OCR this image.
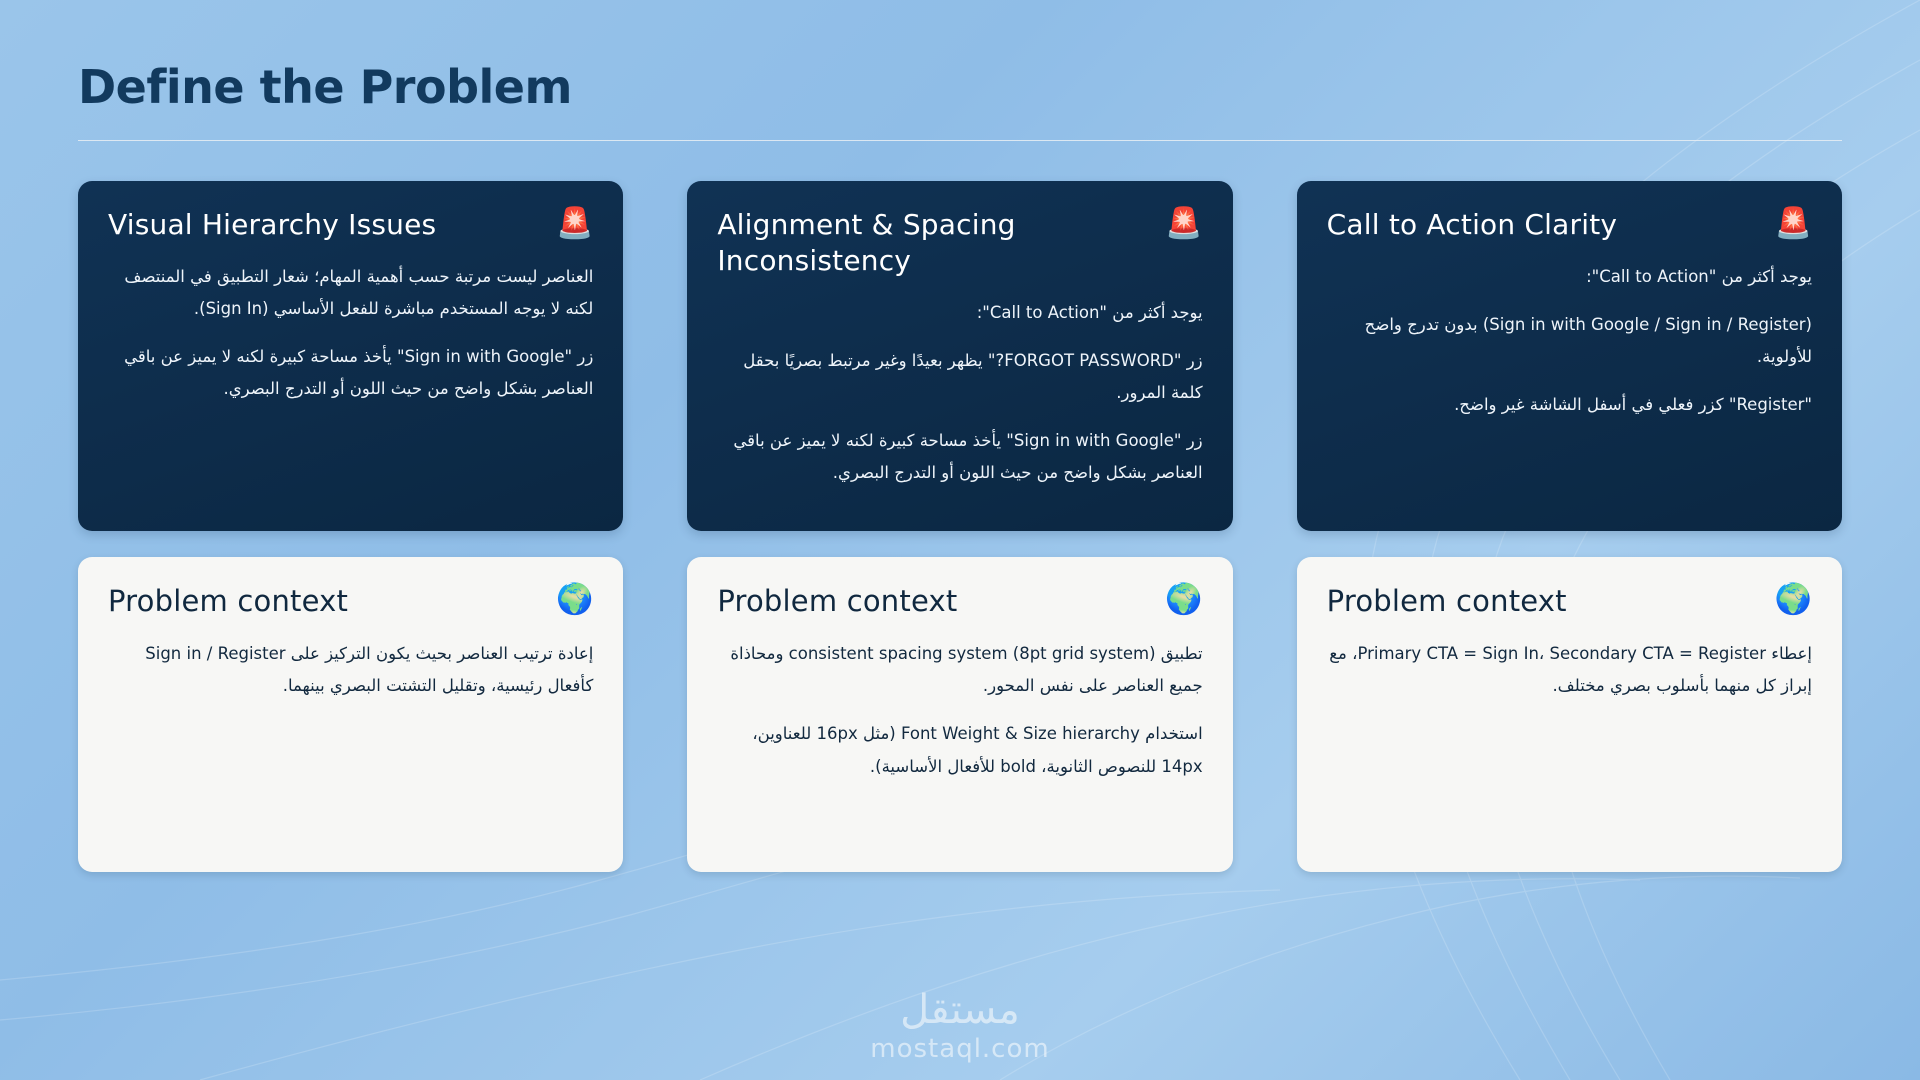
Define the Problem
Visual Hierarchy Issues	🚨

العناصر ليست مرتبة حسب أهمية المهام؛ شعار التطبيق في المنتصف لكنه لا يوجه المستخدم مباشرة للفعل الأساسي (Sign In).

زر "Sign in with Google" يأخذ مساحة كبيرة لكنه لا يميز عن باقي العناصر بشكل واضح من حيث اللون أو التدرج البصري.

Alignment & Spacing Inconsistency
🚨

يوجد أكثر من "Call to Action":

زر "FORGOT PASSWORD?" يظهر بعيدًا وغير مرتبط بصريًا بحقل كلمة المرور.

زر "Sign in with Google" يأخذ مساحة كبيرة لكنه لا يميز عن باقي العناصر بشكل واضح من حيث اللون أو التدرج البصري.

Call to Action Clarity	🚨

يوجد أكثر من "Call to Action":

(Sign in with Google / Sign in / Register) بدون تدرج واضح للأولوية.

"Register" كزر فعلي في أسفل الشاشة غير واضح.

Problem context	🌍

إعادة ترتيب العناصر بحيث يكون التركيز على Sign in / Register كأفعال رئيسية، وتقليل التشتت البصري بينهما.

Problem context	🌍

تطبيق consistent spacing system (8pt grid system) ومحاذاة جميع العناصر على نفس المحور.

استخدام Font Weight & Size hierarchy (مثل 16px للعناوين، 14px للنصوص الثانوية، bold للأفعال الأساسية).

Problem context	🌍

إعطاء Primary CTA = Sign In، Secondary CTA = Register، مع إبراز كل منهما بأسلوب بصري مختلف.

مستقل
mostaql.com
